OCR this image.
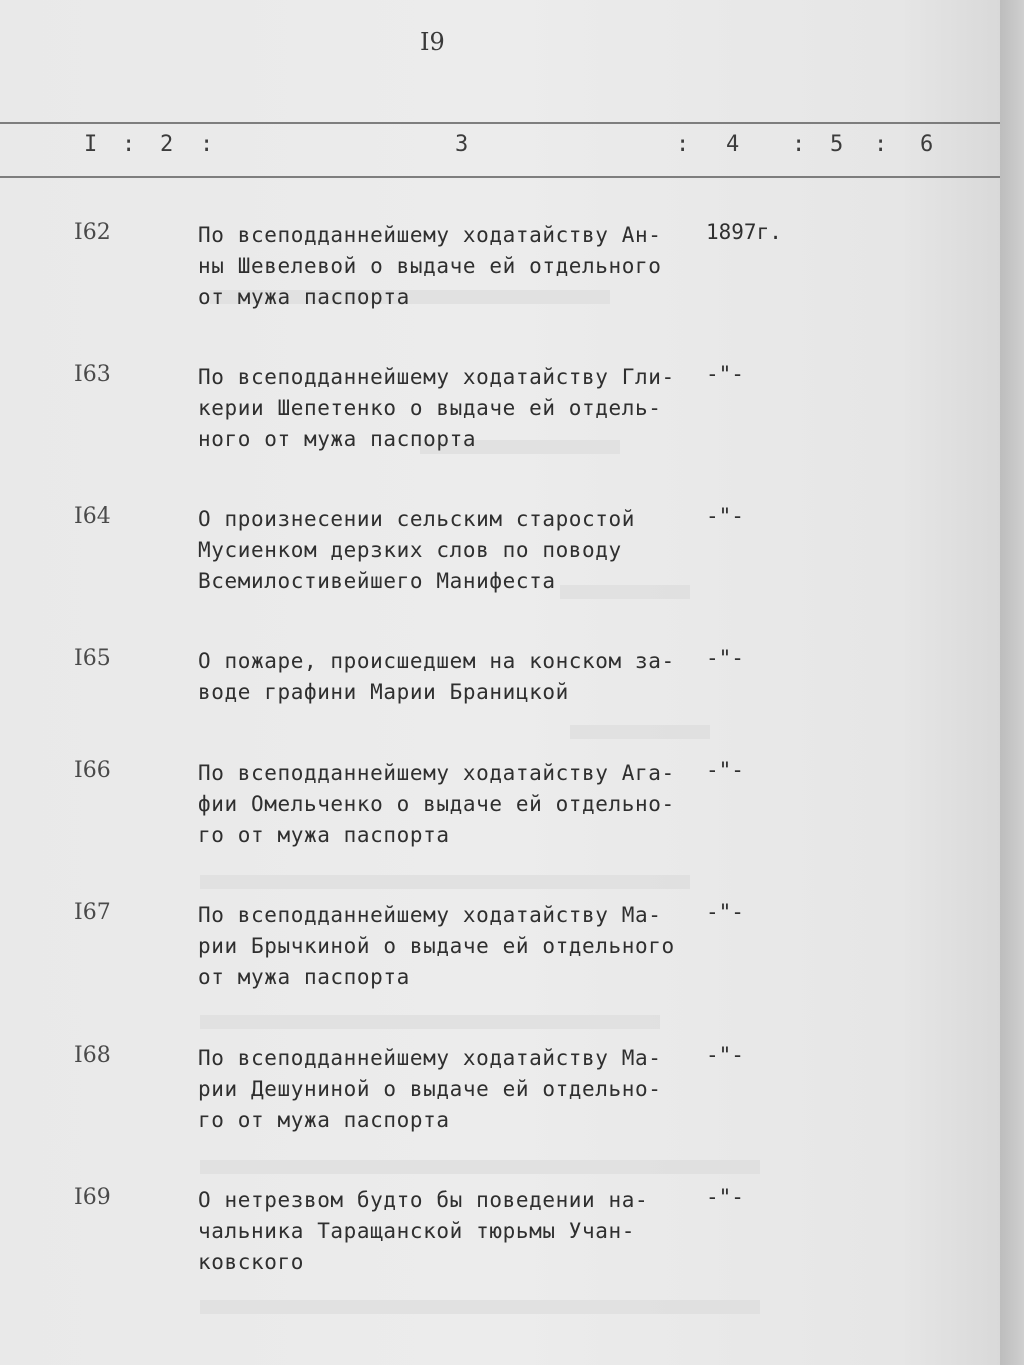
I9
I : 2 :	3	: 4 : 5 : 6
I62	По всеподданнейшему ходатайству Ан-
ны Шевелевой о выдаче ей отдельного
от мужа паспорта
1897г.
I63	По всеподданнейшему ходатайству Гли-
керии Шепетенко о выдаче ей отдель-
ного от мужа паспорта
-"-
I64	О произнесении сельским старостой
Мусиенком дерзких слов по поводу
Всемилостивейшего Манифеста
-"-
I65	О пожаре, происшедшем на конском за-
воде графини Марии Браницкой
-"-
I66	По всеподданнейшему ходатайству Ага-
фии Омельченко о выдаче ей отдельно-
го от мужа паспорта
-"-
I67	По всеподданнейшему ходатайству Ма-
рии Брычкиной о выдаче ей отдельного
от мужа паспорта
-"-
I68	По всеподданнейшему ходатайству Ма-
рии Дешуниной о выдаче ей отдельно-
го от мужа паспорта
-"-
I69	О нетрезвом будто бы поведении на-
чальника Таращанской тюрьмы Учан-
ковского
-"-
